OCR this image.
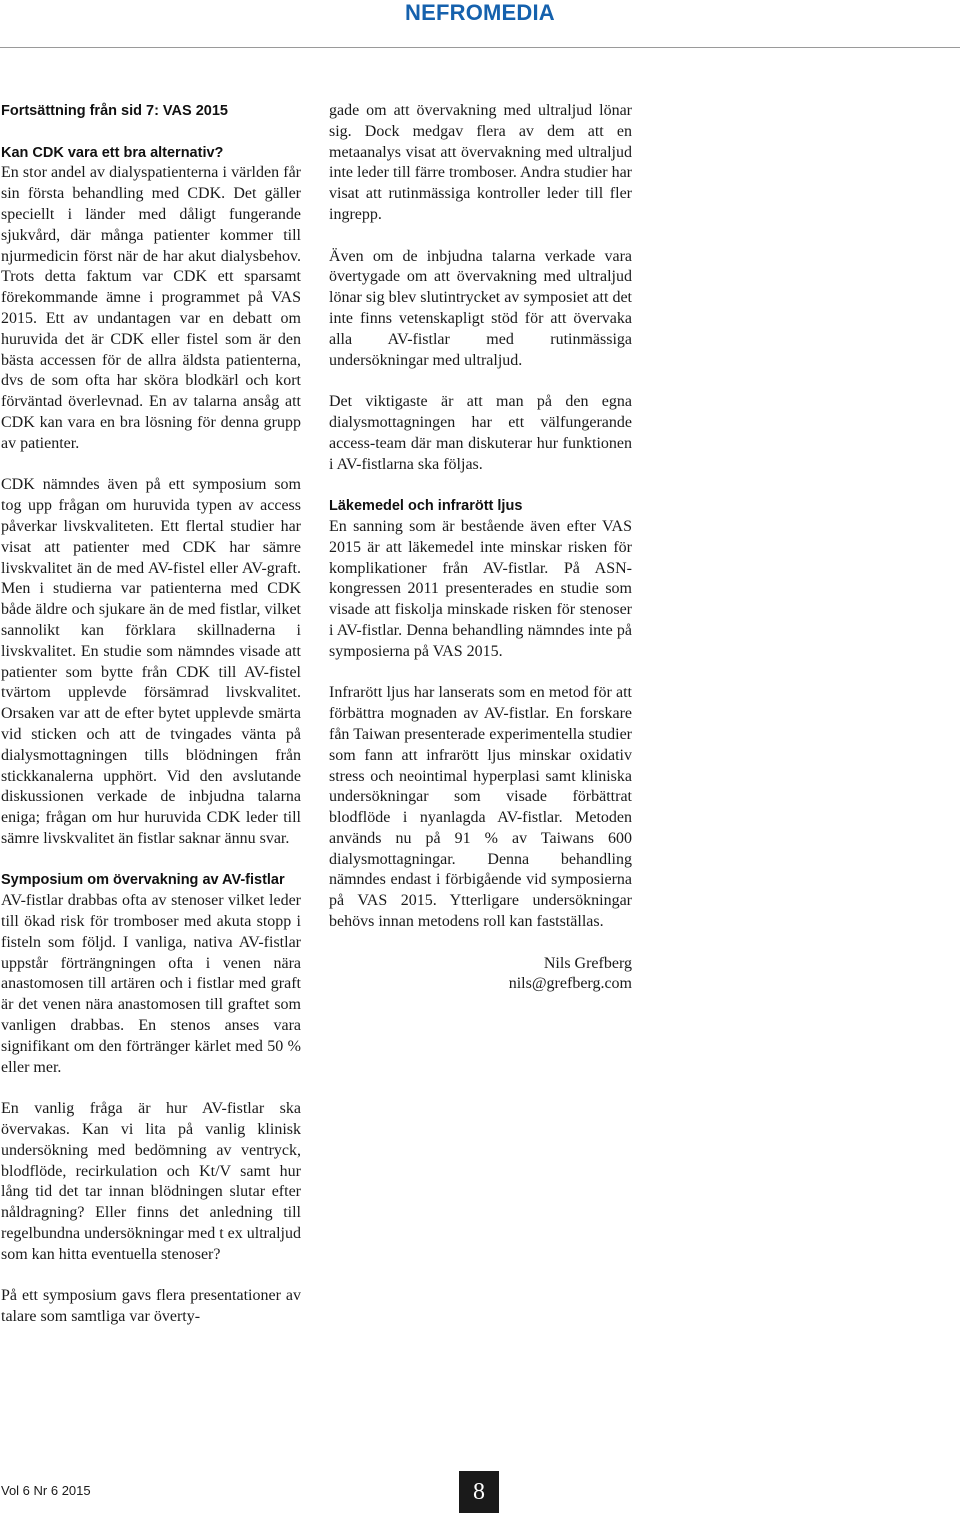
NEFROMEDIA
Fortsättning från sid 7: VAS 2015

Kan CDK vara ett bra alternativ?

En stor andel av dialyspatienterna i världen får sin första behandling med CDK. Det gäller speciellt i länder med dåligt fungerande sjukvård, där många patienter kommer till njurmedicin först när de har akut dialysbehov. Trots detta faktum var CDK ett sparsamt förekommande ämne i programmet på VAS 2015. Ett av undantagen var en debatt om huruvida det är CDK eller fistel som är den bästa accessen för de allra äldsta patienterna, dvs de som ofta har sköra blodkärl och kort förväntad överlevnad. En av talarna ansåg att CDK kan vara en bra lösning för denna grupp av patienter.

CDK nämndes även på ett symposium som tog upp frågan om huruvida typen av access påverkar livskvaliteten. Ett flertal studier har visat att patienter med CDK har sämre livskvalitet än de med AV-fistel eller AV-graft. Men i studierna var patienterna med CDK både äldre och sjukare än de med fistlar, vilket sannolikt kan förklara skillnaderna i livskvalitet. En studie som nämndes visade att patienter som bytte från CDK till AV-fistel tvärtom upplevde försämrad livskvalitet. Orsaken var att de efter bytet upplevde smärta vid sticken och att de tvingades vänta på dialysmottagningen tills blödningen från stickkanalerna upphört. Vid den avslutande diskussionen verkade de inbjudna talarna eniga; frågan om hur huruvida CDK leder till sämre livskvalitet än fistlar saknar ännu svar.

Symposium om övervakning av AV-fistlar

AV-fistlar drabbas ofta av stenoser vilket leder till ökad risk för tromboser med akuta stopp i fisteln som följd. I vanliga, nativa AV-fistlar uppstår förträngningen ofta i venen nära anastomosen till artären och i fistlar med graft är det venen nära anastomosen till graftet som vanligen drabbas. En stenos anses vara signifikant om den förtränger kärlet med 50 % eller mer.

En vanlig fråga är hur AV-fistlar ska övervakas. Kan vi lita på vanlig klinisk undersökning med bedömning av ventryck, blodflöde, recirkulation och Kt/V samt hur lång tid det tar innan blödningen slutar efter nåldragning? Eller finns det anledning till regelbundna undersökningar med t ex ultraljud som kan hitta eventuella stenoser?

På ett symposium gavs flera presentationer av talare som samtliga var överty-

gade om att övervakning med ultraljud lönar sig. Dock medgav flera av dem att en metaanalys visat att övervakning med ultraljud inte leder till färre tromboser. Andra studier har visat att rutinmässiga kontroller leder till fler ingrepp.

Även om de inbjudna talarna verkade vara övertygade om att övervakning med ultraljud lönar sig blev slutintrycket av symposiet att det inte finns vetenskapligt stöd för att övervaka alla AV-fistlar med rutinmässiga undersökningar med ultraljud.

Det viktigaste är att man på den egna dialysmottagningen har ett välfungerande access-team där man diskuterar hur funktionen i AV-fistlarna ska följas.

Läkemedel och infrarött ljus

En sanning som är bestående även efter VAS 2015 är att läkemedel inte minskar risken för komplikationer från AV-fistlar. På ASN-kongressen 2011 presenterades en studie som visade att fiskolja minskade risken för stenoser i AV-fistlar. Denna behandling nämndes inte på symposierna på VAS 2015.

Infrarött ljus har lanserats som en metod för att förbättra mognaden av AV-fistlar. En forskare fån Taiwan presenterade experimentella studier som fann att infrarött ljus minskar oxidativ stress och neointimal hyperplasi samt kliniska undersökningar som visade förbättrat blodflöde i nyanlagda AV-fistlar. Metoden används nu på 91 % av Taiwans 600 dialysmottagningar. Denna behandling nämndes endast i förbigående vid symposierna på VAS 2015. Ytterligare undersökningar behövs innan metodens roll kan fastställas.

Nils Grefberg
nils@grefberg.com
Vol 6 Nr 6 2015	8
